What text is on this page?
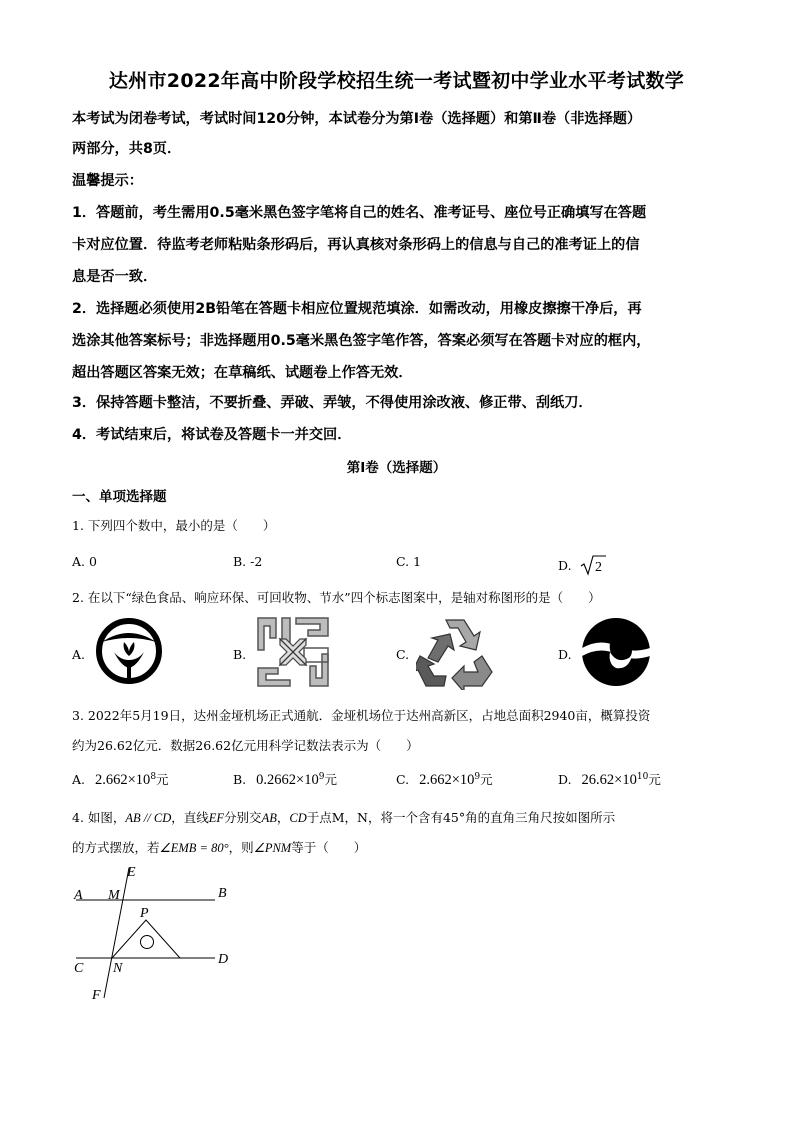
达州市2022年高中阶段学校招生统一考试暨初中学业水平考试数学
本考试为闭卷考试，考试时间120分钟，本试卷分为第Ⅰ卷（选择题）和第Ⅱ卷（非选择题）
两部分，共8页．
温馨提示：
1．答题前，考生需用0.5毫米黑色签字笔将自己的姓名、准考证号、座位号正确填写在答题
卡对应位置．待监考老师粘贴条形码后，再认真核对条形码上的信息与自己的准考证上的信
息是否一致．
2．选择题必须使用2B铅笔在答题卡相应位置规范填涂．如需改动，用橡皮擦擦干净后，再
选涂其他答案标号；非选择题用0.5毫米黑色签字笔作答，答案必须写在答题卡对应的框内，
超出答题区答案无效；在草稿纸、试题卷上作答无效．
3．保持答题卡整洁，不要折叠、弄破、弄皱，不得使用涂改液、修正带、刮纸刀．
4．考试结束后，将试卷及答题卡一并交回．
第Ⅰ卷（选择题）
一、单项选择题
1. 下列四个数中，最小的是（　　）
A. 0	B. -2	C. 1	D. 2
2. 在以下“绿色食品、响应环保、可回收物、节水”四个标志图案中，是轴对称图形的是（　　）
A.	B.	C.	D.
3. 2022年5月19日，达州金垭机场正式通航．金垭机场位于达州高新区，占地总面积2940亩，概算投资
约为26.62亿元．数据26.62亿元用科学记数法表示为（　　）
A. $2.662\times 10^8$元	B. $0.2662\times 10^9$元	C. $2.662\times 10^9$元	D. $26.62\times 10^{10}$元
4. 如图，AB // CD，直线EF分别交AB，CD于点M，N，将一个含有45°角的直角三角尺按如图所示
的方式摆放，若∠EMB = 80°，则∠PNM等于（　　）
A	B
C
D
E
F
M
N
P
